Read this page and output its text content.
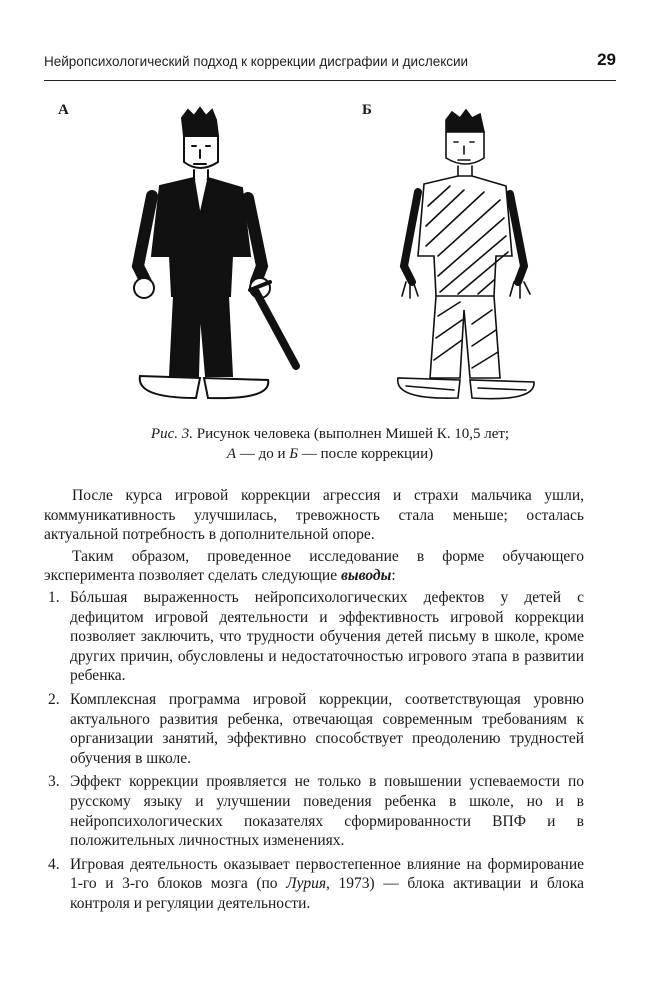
Нейропсихологический подход к коррекции дисграфии и дислексии	29
А	Б
Рис. 3. Рисунок человека (выполнен Мишей К. 10,5 лет;
А — до и Б — после коррекции)

После курса игровой коррекции агрессия и страхи мальчика ушли, коммуникативность улучшилась, тревожность стала меньше; осталась актуальной потребность в дополнительной опоре.

Таким образом, проведенное исследование в форме обучающего эксперимента позволяет сделать следующие выводы:

1. Бóльшая выраженность нейропсихологических дефектов у детей с дефицитом игровой деятельности и эффективность игровой коррекции позволяет заключить, что трудности обучения детей письму в школе, кроме других причин, обусловлены и недостаточностью игрового этапа в развитии ребенка.
2. Комплексная программа игровой коррекции, соответствующая уровню актуального развития ребенка, отвечающая современным требованиям к организации занятий, эффективно способствует преодолению трудностей обучения в школе.
3. Эффект коррекции проявляется не только в повышении успеваемости по русскому языку и улучшении поведения ребенка в школе, но и в нейропсихологических показателях сформированности ВПФ и в положительных личностных изменениях.
4. Игровая деятельность оказывает первостепенное влияние на формирование 1-го и 3-го блоков мозга (по Лурия, 1973) — блока активации и блока контроля и регуляции деятельности.
